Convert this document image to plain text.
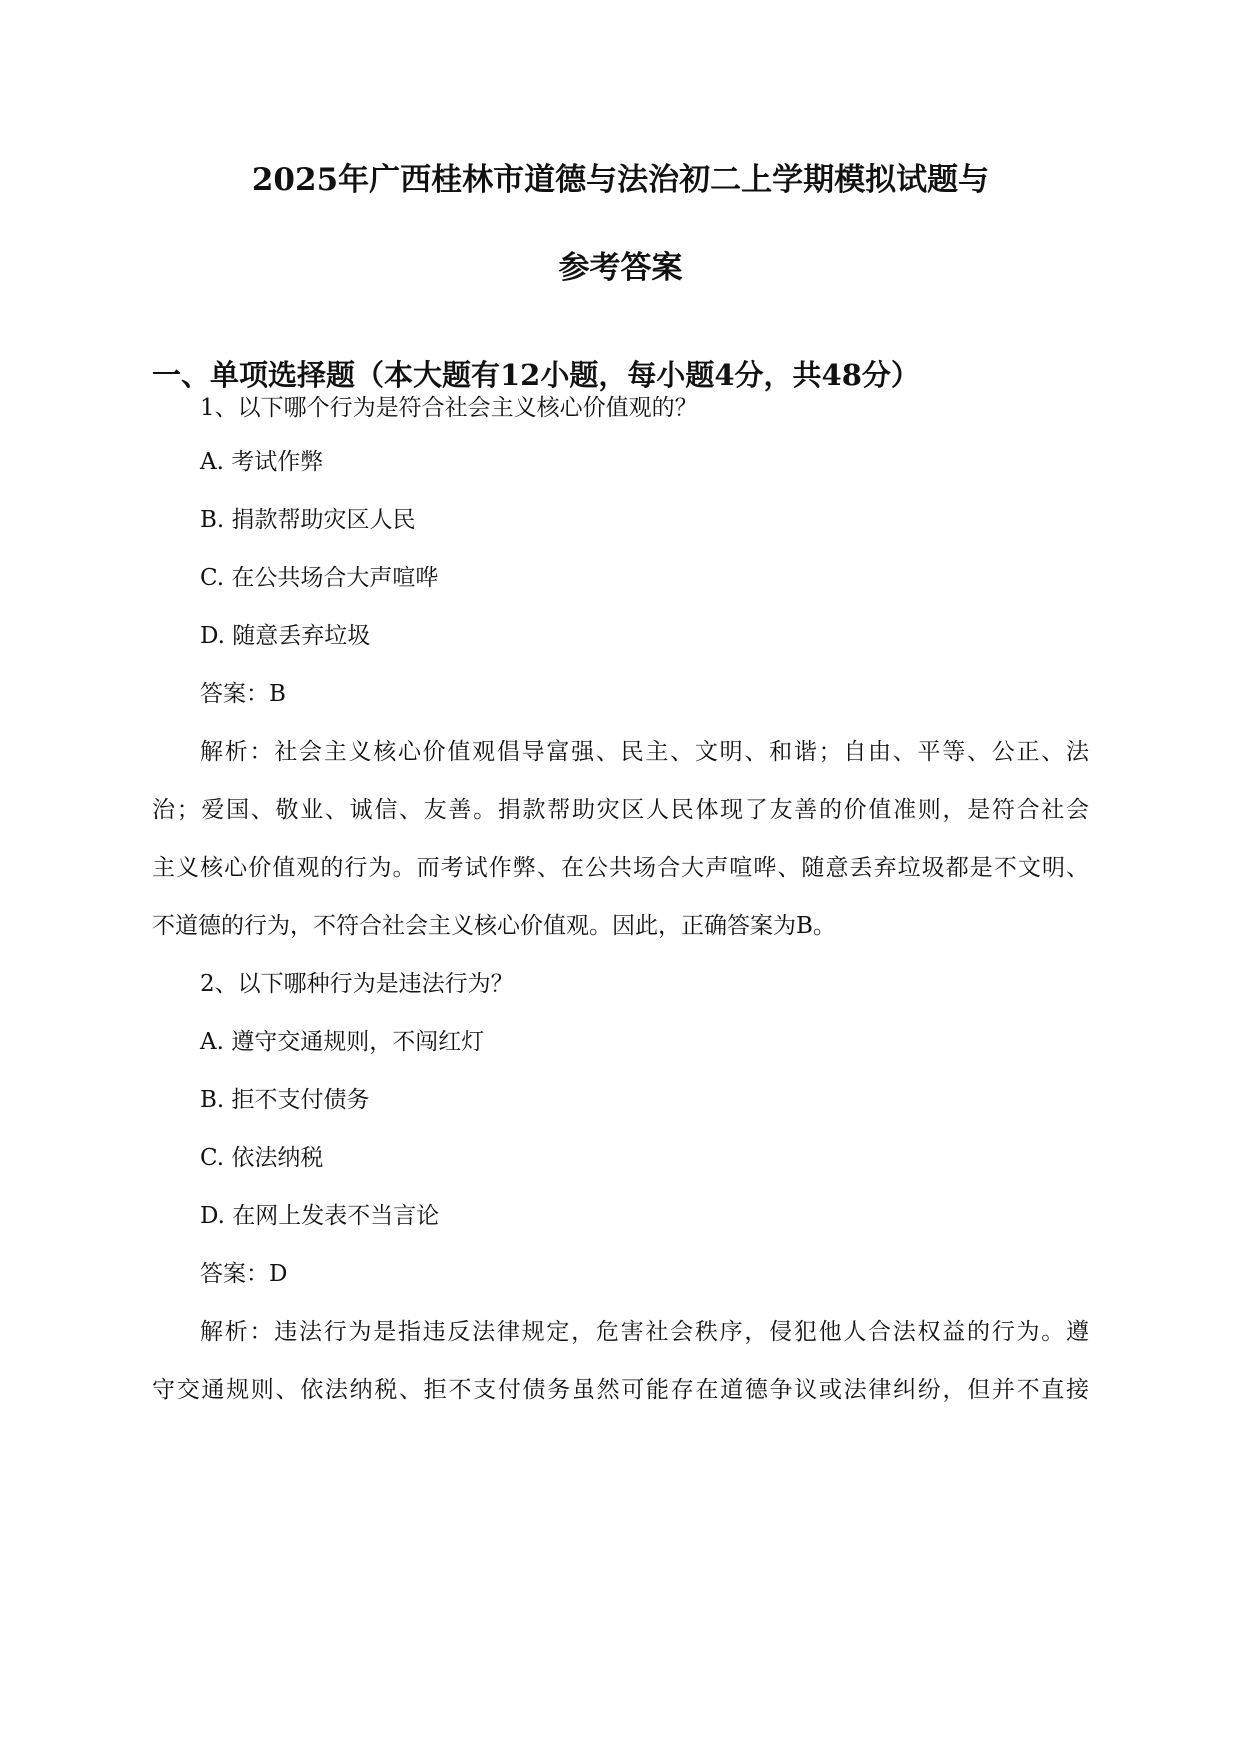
2025年广西桂林市道德与法治初二上学期模拟试题与
参考答案
一、单项选择题（本大题有12小题，每小题4分，共48分）
1、以下哪个行为是符合社会主义核心价值观的？
A. 考试作弊
B. 捐款帮助灾区人民
C. 在公共场合大声喧哗
D. 随意丢弃垃圾
答案：B
解析：社会主义核心价值观倡导富强、民主、文明、和谐；自由、平等、公正、法
治；爱国、敬业、诚信、友善。捐款帮助灾区人民体现了友善的价值准则，是符合社会
主义核心价值观的行为。而考试作弊、在公共场合大声喧哗、随意丢弃垃圾都是不文明、
不道德的行为，不符合社会主义核心价值观。因此，正确答案为B。
2、以下哪种行为是违法行为？
A. 遵守交通规则，不闯红灯
B. 拒不支付债务
C. 依法纳税
D. 在网上发表不当言论
答案：D
解析：违法行为是指违反法律规定，危害社会秩序，侵犯他人合法权益的行为。遵
守交通规则、依法纳税、拒不支付债务虽然可能存在道德争议或法律纠纷，但并不直接
